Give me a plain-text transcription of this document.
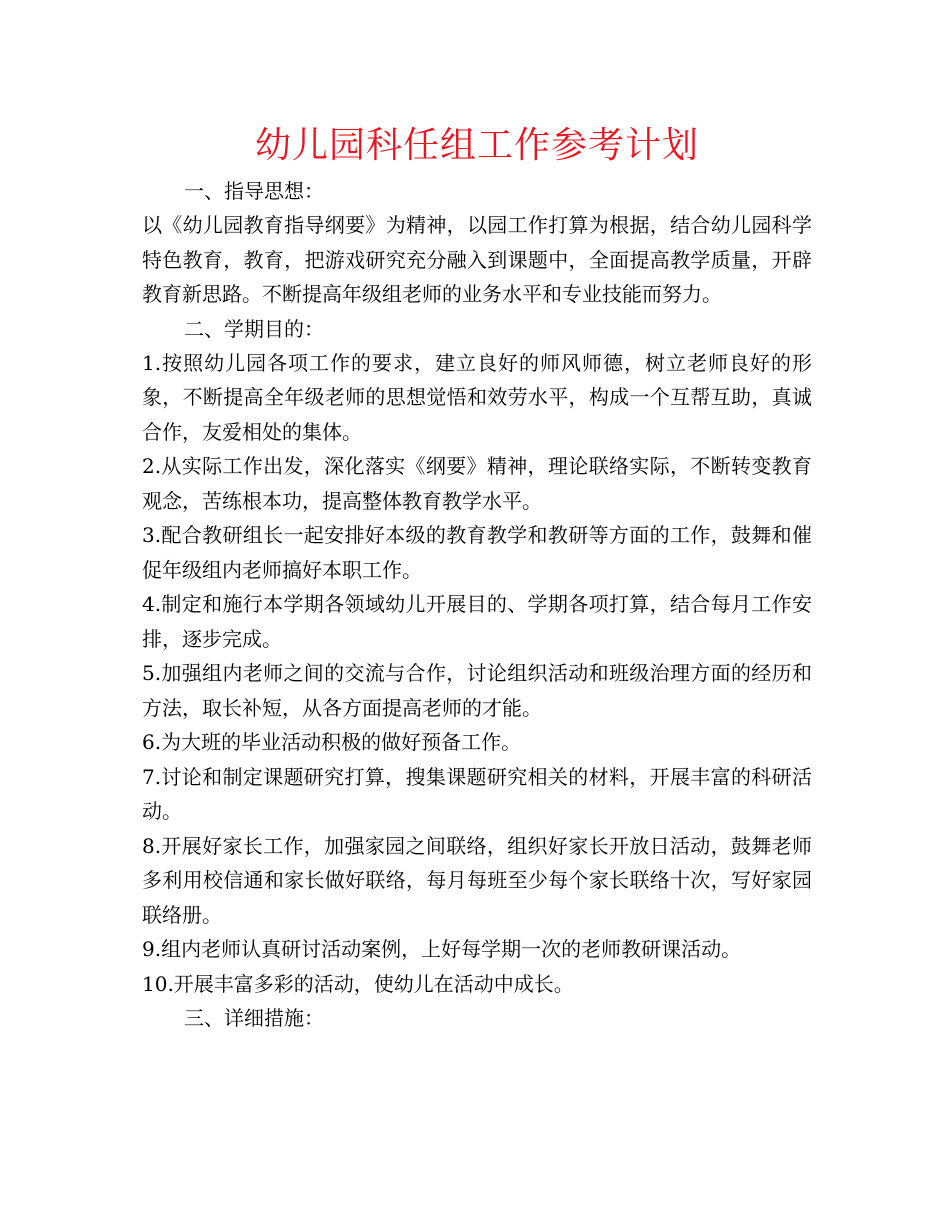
幼儿园科任组工作参考计划

一、指导思想：

以《幼儿园教育指导纲要》为精神，以园工作打算为根据，结合幼儿园科学特色教育，教育，把游戏研究充分融入到课题中，全面提高教学质量，开辟教育新思路。不断提高年级组老师的业务水平和专业技能而努力。

二、学期目的：

1.按照幼儿园各项工作的要求，建立良好的师风师德，树立老师良好的形象，不断提高全年级老师的思想觉悟和效劳水平，构成一个互帮互助，真诚合作，友爱相处的集体。

2.从实际工作出发，深化落实《纲要》精神，理论联络实际，不断转变教育观念，苦练根本功，提高整体教育教学水平。

3.配合教研组长一起安排好本级的教育教学和教研等方面的工作，鼓舞和催促年级组内老师搞好本职工作。

4.制定和施行本学期各领域幼儿开展目的、学期各项打算，结合每月工作安排，逐步完成。

5.加强组内老师之间的交流与合作，讨论组织活动和班级治理方面的经历和方法，取长补短，从各方面提高老师的才能。

6.为大班的毕业活动积极的做好预备工作。

7.讨论和制定课题研究打算，搜集课题研究相关的材料，开展丰富的科研活动。

8.开展好家长工作，加强家园之间联络，组织好家长开放日活动，鼓舞老师多利用校信通和家长做好联络，每月每班至少每个家长联络十次，写好家园联络册。

9.组内老师认真研讨活动案例，上好每学期一次的老师教研课活动。

10.开展丰富多彩的活动，使幼儿在活动中成长。

三、详细措施：
